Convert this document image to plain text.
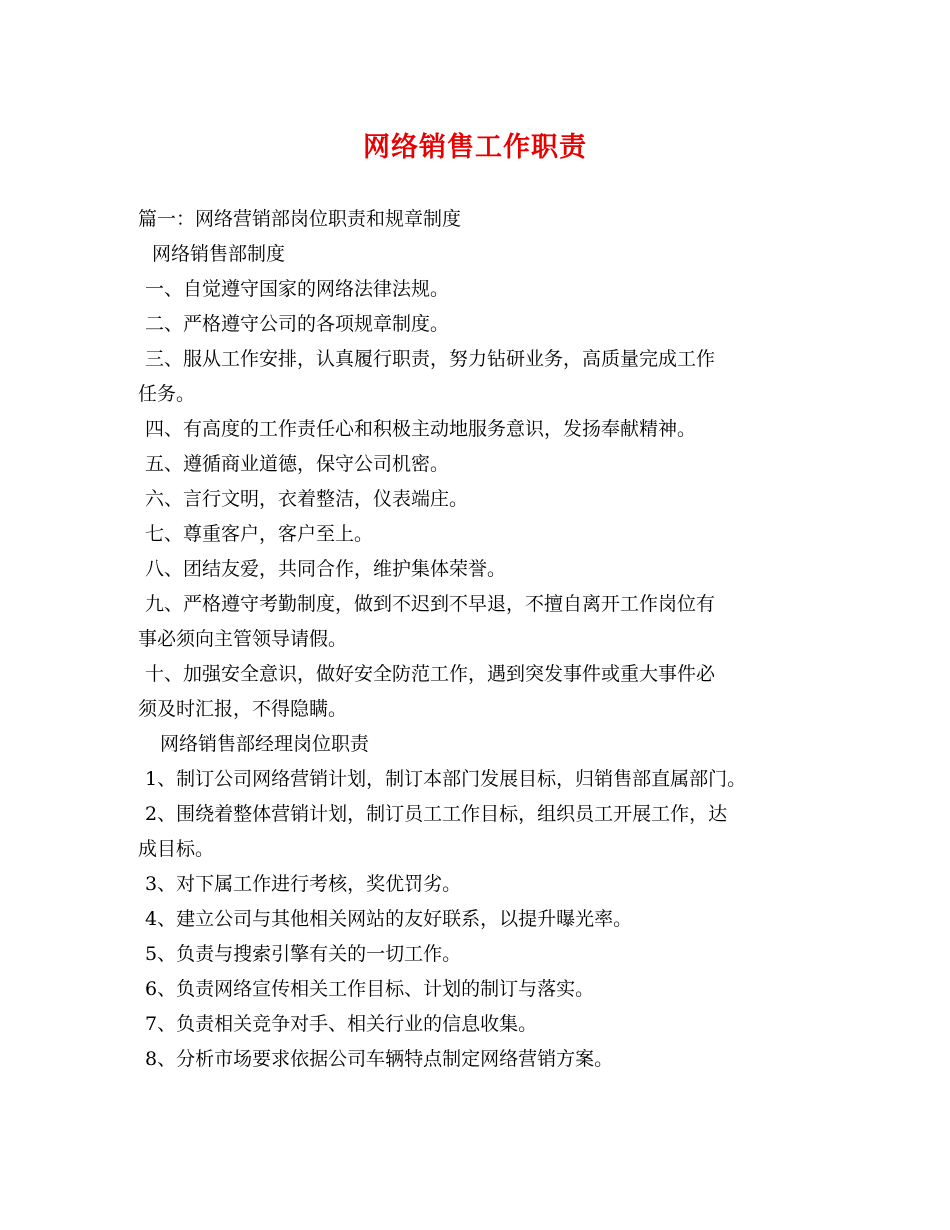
网络销售工作职责
篇一：网络营销部岗位职责和规章制度
网络销售部制度
一、自觉遵守国家的网络法律法规。
二、严格遵守公司的各项规章制度。
三、服从工作安排，认真履行职责，努力钻研业务，高质量完成工作
任务。
四、有高度的工作责任心和积极主动地服务意识，发扬奉献精神。
五、遵循商业道德，保守公司机密。
六、言行文明，衣着整洁，仪表端庄。
七、尊重客户，客户至上。
八、团结友爱，共同合作，维护集体荣誉。
九、严格遵守考勤制度，做到不迟到不早退，不擅自离开工作岗位有
事必须向主管领导请假。
十、加强安全意识，做好安全防范工作，遇到突发事件或重大事件必
须及时汇报，不得隐瞒。
网络销售部经理岗位职责
1、制订公司网络营销计划，制订本部门发展目标，归销售部直属部门。
2、围绕着整体营销计划，制订员工工作目标，组织员工开展工作，达
成目标。
3、对下属工作进行考核，奖优罚劣。
4、建立公司与其他相关网站的友好联系，以提升曝光率。
5、负责与搜索引擎有关的一切工作。
6、负责网络宣传相关工作目标、计划的制订与落实。
7、负责相关竞争对手、相关行业的信息收集。
8、分析市场要求依据公司车辆特点制定网络营销方案。
